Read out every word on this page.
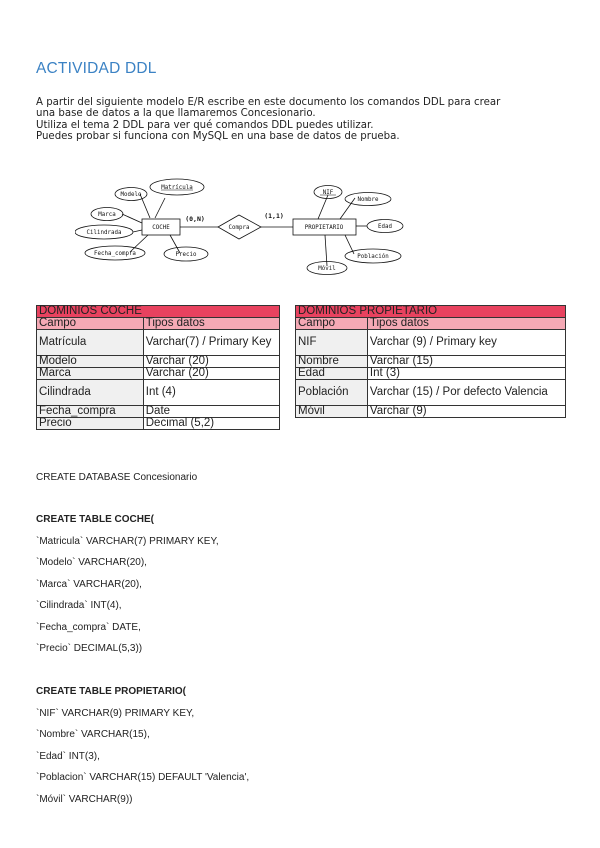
ACTIVIDAD DDL
A partir del siguiente modelo E/R escribe en este documento los comandos DDL para crear
una base de datos a la que llamaremos Concesionario.
Utiliza el tema 2 DDL para ver qué comandos DDL puedes utilizar.
Puedes probar si funciona con MySQL en una base de datos de prueba.
Matrícula
Modelo
Marca
Cilindrada
Fecha_compra	Precio
COCHE	PROPIETARIO
Compra
NIF
Nombre
Edad
Población
Móvil
(0,N)	(1,1)
DOMINIOS COCHE	
Campo	Tipos datos
Matrícula	Varchar(7) / Primary Key
Modelo	Varchar (20)
Marca	Varchar (20)
Cilindrada	Int (4)
Fecha_compra	Date
Precio	Decimal (5,2)
DOMINIOS PROPIETARIO	
Campo	Tipos datos
NIF	Varchar (9) / Primary key
Nombre	Varchar (15)
Edad	Int (3)
Población	Varchar (15) / Por defecto Valencia
Móvil	Varchar (9)
CREATE DATABASE Concesionario
CREATE TABLE COCHE(
`Matricula` VARCHAR(7) PRIMARY KEY,
`Modelo` VARCHAR(20),
`Marca` VARCHAR(20),
`Cilindrada` INT(4),
`Fecha_compra` DATE,
`Precio` DECIMAL(5,3))
CREATE TABLE PROPIETARIO(
`NIF` VARCHAR(9) PRIMARY KEY,
`Nombre` VARCHAR(15),
`Edad` INT(3),
`Poblacion` VARCHAR(15) DEFAULT 'Valencia',
`Móvil` VARCHAR(9))
